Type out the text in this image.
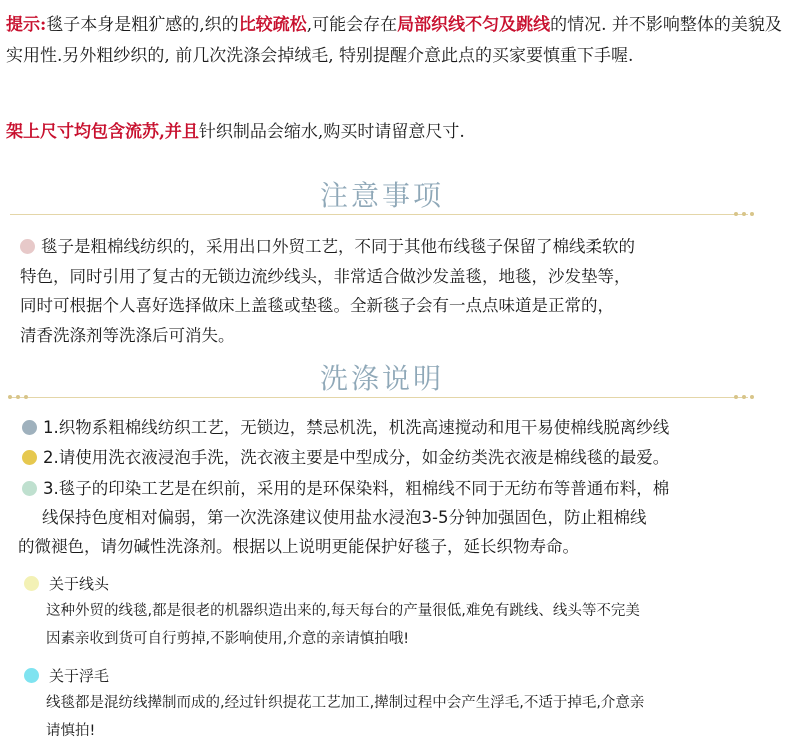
提示:毯子本身是粗犷感的,织的比较疏松,可能会存在局部织线不匀及跳线的情况. 并不影响整体的美貌及实用性.另外粗纱织的, 前几次洗涤会掉绒毛, 特别提醒介意此点的买家要慎重下手喔.
架上尺寸均包含流苏,并且针织制品会缩水,购买时请留意尺寸.
注意事项
毯子是粗棉线纺织的，采用出口外贸工艺，不同于其他布线毯子保留了棉线柔软的
特色，同时引用了复古的无锁边流纱线头，非常适合做沙发盖毯，地毯，沙发垫等，
同时可根据个人喜好选择做床上盖毯或垫毯。全新毯子会有一点点味道是正常的，
清香洗涤剂等洗涤后可消失。
洗涤说明
1.织物系粗棉线纺织工艺，无锁边，禁忌机洗，机洗高速搅动和甩干易使棉线脱离纱线
2.请使用洗衣液浸泡手洗，洗衣液主要是中型成分，如金纺类洗衣液是棉线毯的最爱。
3.毯子的印染工艺是在织前，采用的是环保染料，粗棉线不同于无纺布等普通布料，棉
线保持色度相对偏弱，第一次洗涤建议使用盐水浸泡3-5分钟加强固色，防止粗棉线
的微褪色，请勿碱性洗涤剂。根据以上说明更能保护好毯子，延长织物寿命。
关于线头
这种外贸的线毯,都是很老的机器织造出来的,每天每台的产量很低,难免有跳线、线头等不完美
因素亲收到货可自行剪掉,不影响使用,介意的亲请慎拍哦!
关于浮毛
线毯都是混纺线撵制而成的,经过针织提花工艺加工,撵制过程中会产生浮毛,不适于掉毛,介意亲
请慎拍!
